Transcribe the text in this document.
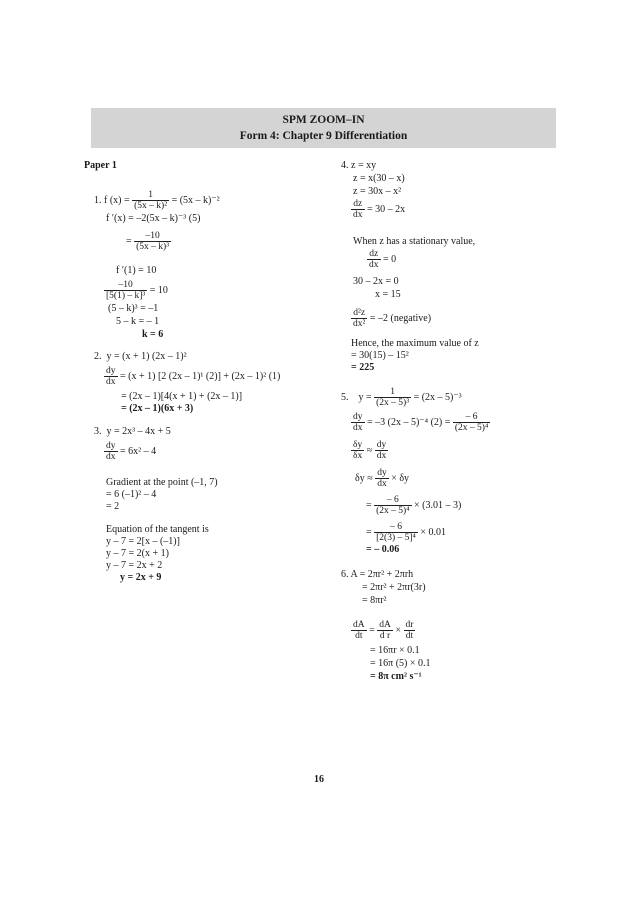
SPM ZOOM–IN
Form 4: Chapter 9 Differentiation
Paper 1
1. f $(x) = \frac{1}{\text{(5x – k)²}} = (5x - k)^{-2}$
f ′(x) = –2(5x – k)⁻³ (5)
= $\frac{-10}{\text{(5x – k)³}}$
f ′(1) = 10
$\frac{-10}{\text{[5(1) – k]³}} = 10$
(5 – k)³ = –1
5 – k = – 1
k = 6
2. y = (x + 1) (2x – 1)²
$\frac{dy}{dx} = (x + 1)$ [2 (2x – 1)¹ (2)] + (2x – 1)² (1)
= (2x – 1)[4(x + 1) + (2x – 1)]
= (2x – 1)(6x + 3)
3. y = 2x³ – 4x + 5
$\frac{dy}{dx} = 6x^2 - 4$
Gradient at the point (–1, 7)
= 6 (–1)² – 4
= 2
Equation of the tangent is
y – 7 = 2[x – (–1)]
y – 7 = 2(x + 1)
y – 7 = 2x + 2
y = 2x + 9
4. z = xy
z = x(30 – x)
z = 30x – x²
$\frac{dz}{dx} = 30 - 2x$
When z has a stationary value,
$\frac{dz}{dx} = 0$
30 – 2x = 0
x = 15
$\frac{\text{d²z}}{\text{dx²}} = -2$ (negative)
Hence, the maximum value of z
= 30(15) – 15²
= 225
5. $y = \frac{1}{\text{(2x – 5)³}} = (2x - 5)^{-3}$
$\frac{dy}{dx} = -3$ (2x – 5)⁻⁴ $(2) = \frac{- 6}{\text{(2x – 5)⁴}}$
$\frac{\delta y}{\delta x} \approx \frac{dy}{dx}$
$\delta y \approx \frac{dy}{dx} \times \delta y$
= $\frac{- 6}{\text{(2x – 5)⁴}} \times (3.01 - 3)$
= $\frac{- 6}{\text{[2(3) – 5]⁴}} \times 0.01$
= – 0.06
6. A = 2πr² + 2πrh
= 2πr² + 2πr(3r)
= 8πr²
$\frac{dA}{dt} = \frac{dA}{\text{d r}} \times \frac{dr}{dt}$
= 16πr × 0.1
= 16π (5) × 0.1
= 8π cm² s⁻¹
16
